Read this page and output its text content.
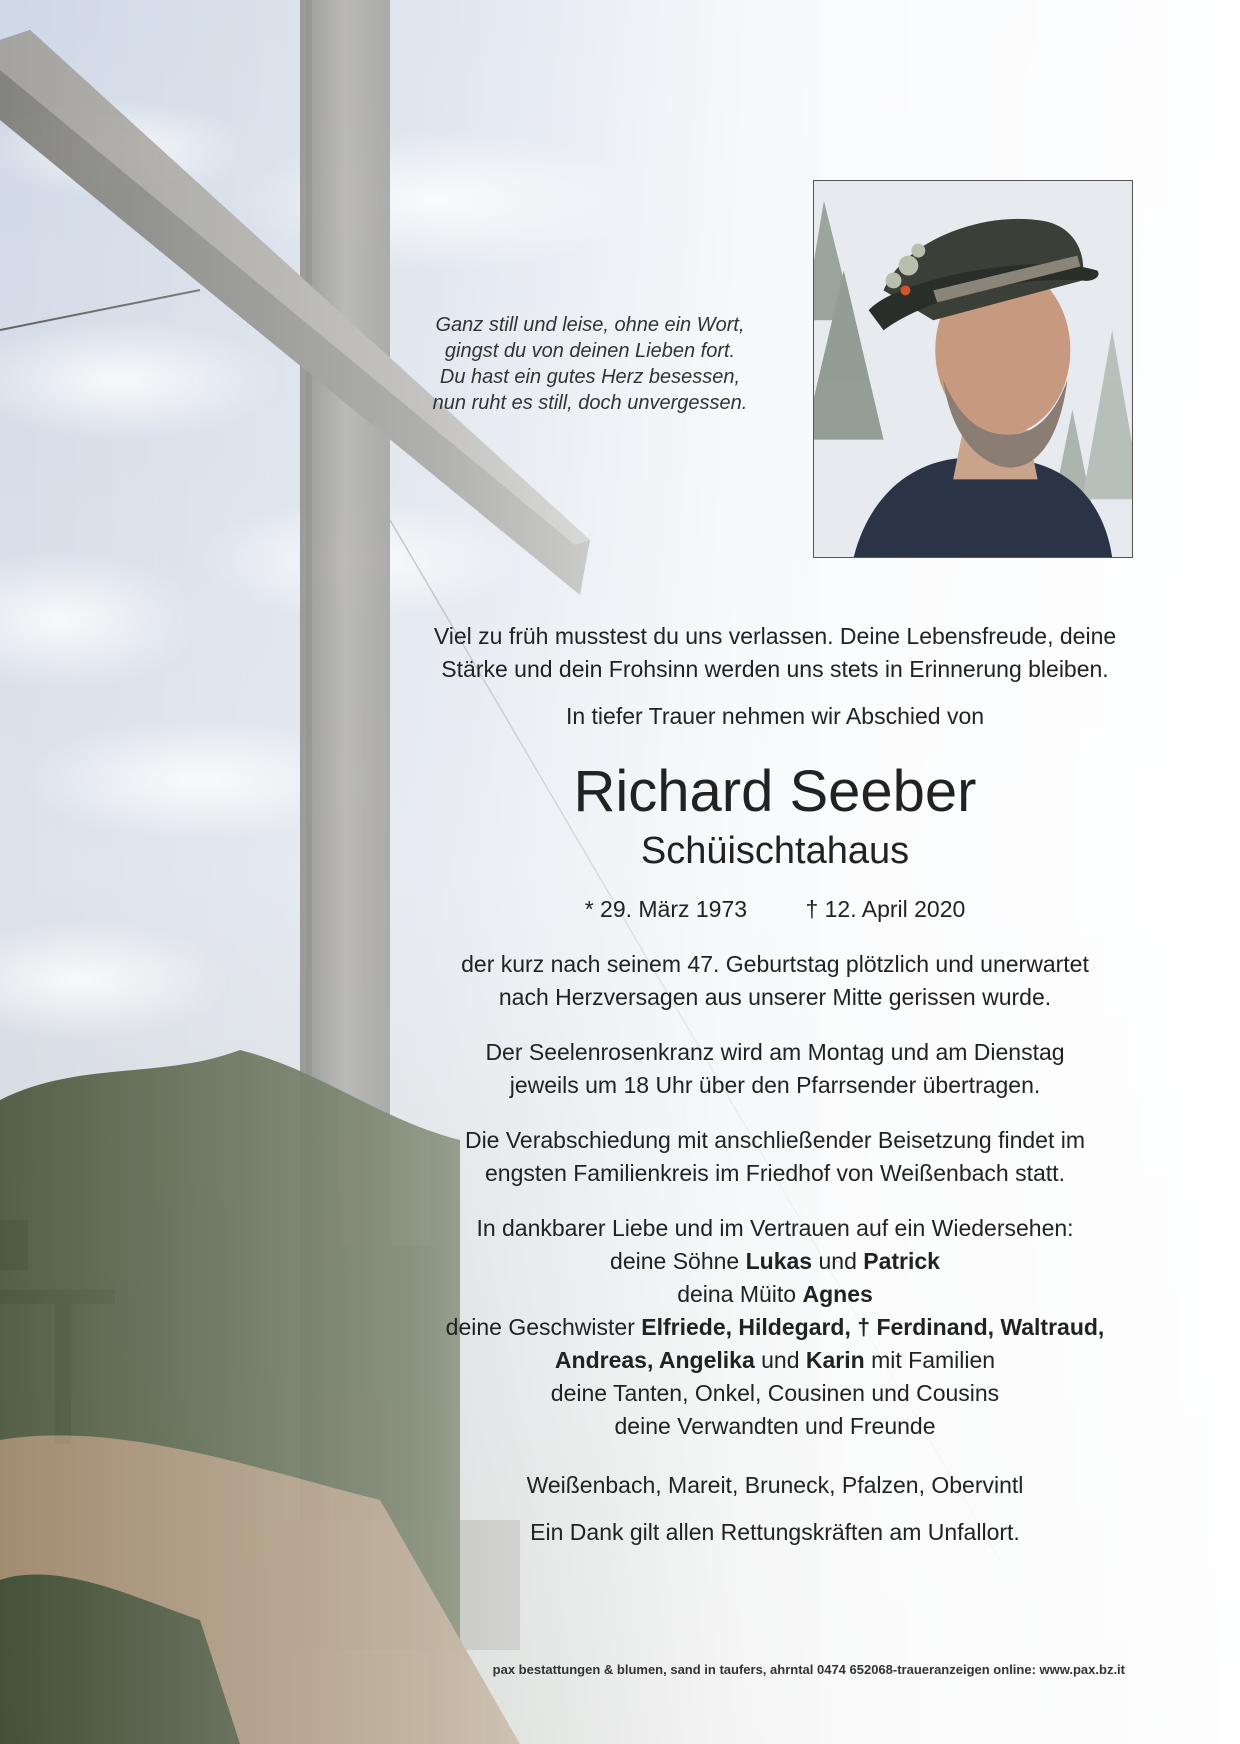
Ganz still und leise, ohne ein Wort,
gingst du von deinen Lieben fort.
Du hast ein gutes Herz besessen,
nun ruht es still, doch unvergessen.

Viel zu früh musstest du uns verlassen. Deine Lebensfreude, deine

Stärke und dein Frohsinn werden uns stets in Erinnerung bleiben.

In tiefer Trauer nehmen wir Abschied von

Richard Seeber

Schüischtahaus

* 29. März 1973	† 12. April 2020

der kurz nach seinem 47. Geburtstag plötzlich und unerwartet

nach Herzversagen aus unserer Mitte gerissen wurde.

Der Seelenrosenkranz wird am Montag und am Dienstag

jeweils um 18 Uhr über den Pfarrsender übertragen.

Die Verabschiedung mit anschließender Beisetzung findet im

engsten Familienkreis im Friedhof von Weißenbach statt.

In dankbarer Liebe und im Vertrauen auf ein Wiedersehen:

deine Söhne Lukas und Patrick

deina Müito Agnes

deine Geschwister Elfriede, Hildegard, † Ferdinand, Waltraud,

Andreas, Angelika und Karin mit Familien

deine Tanten, Onkel, Cousinen und Cousins

deine Verwandten und Freunde

Weißenbach, Mareit, Bruneck, Pfalzen, Obervintl

Ein Dank gilt allen Rettungskräften am Unfallort.

pax bestattungen & blumen, sand in taufers, ahrntal 0474 652068-traueranzeigen online: www.pax.bz.it
